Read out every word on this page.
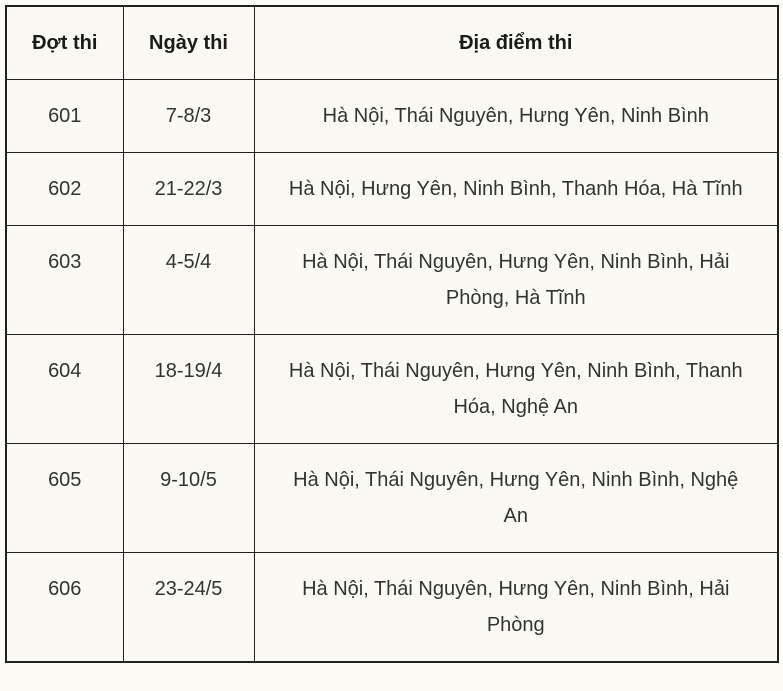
Đợt thi	Ngày thi	Địa điểm thi
601	7-8/3	Hà Nội, Thái Nguyên, Hưng Yên, Ninh Bình
602	21-22/3	Hà Nội, Hưng Yên, Ninh Bình, Thanh Hóa, Hà Tĩnh
603	4-5/4	Hà Nội, Thái Nguyên, Hưng Yên, Ninh Bình, Hải Phòng, Hà Tĩnh
604	18-19/4	Hà Nội, Thái Nguyên, Hưng Yên, Ninh Bình, Thanh Hóa, Nghệ An
605	9-10/5	Hà Nội, Thái Nguyên, Hưng Yên, Ninh Bình, Nghệ An
606	23-24/5	Hà Nội, Thái Nguyên, Hưng Yên, Ninh Bình, Hải Phòng
